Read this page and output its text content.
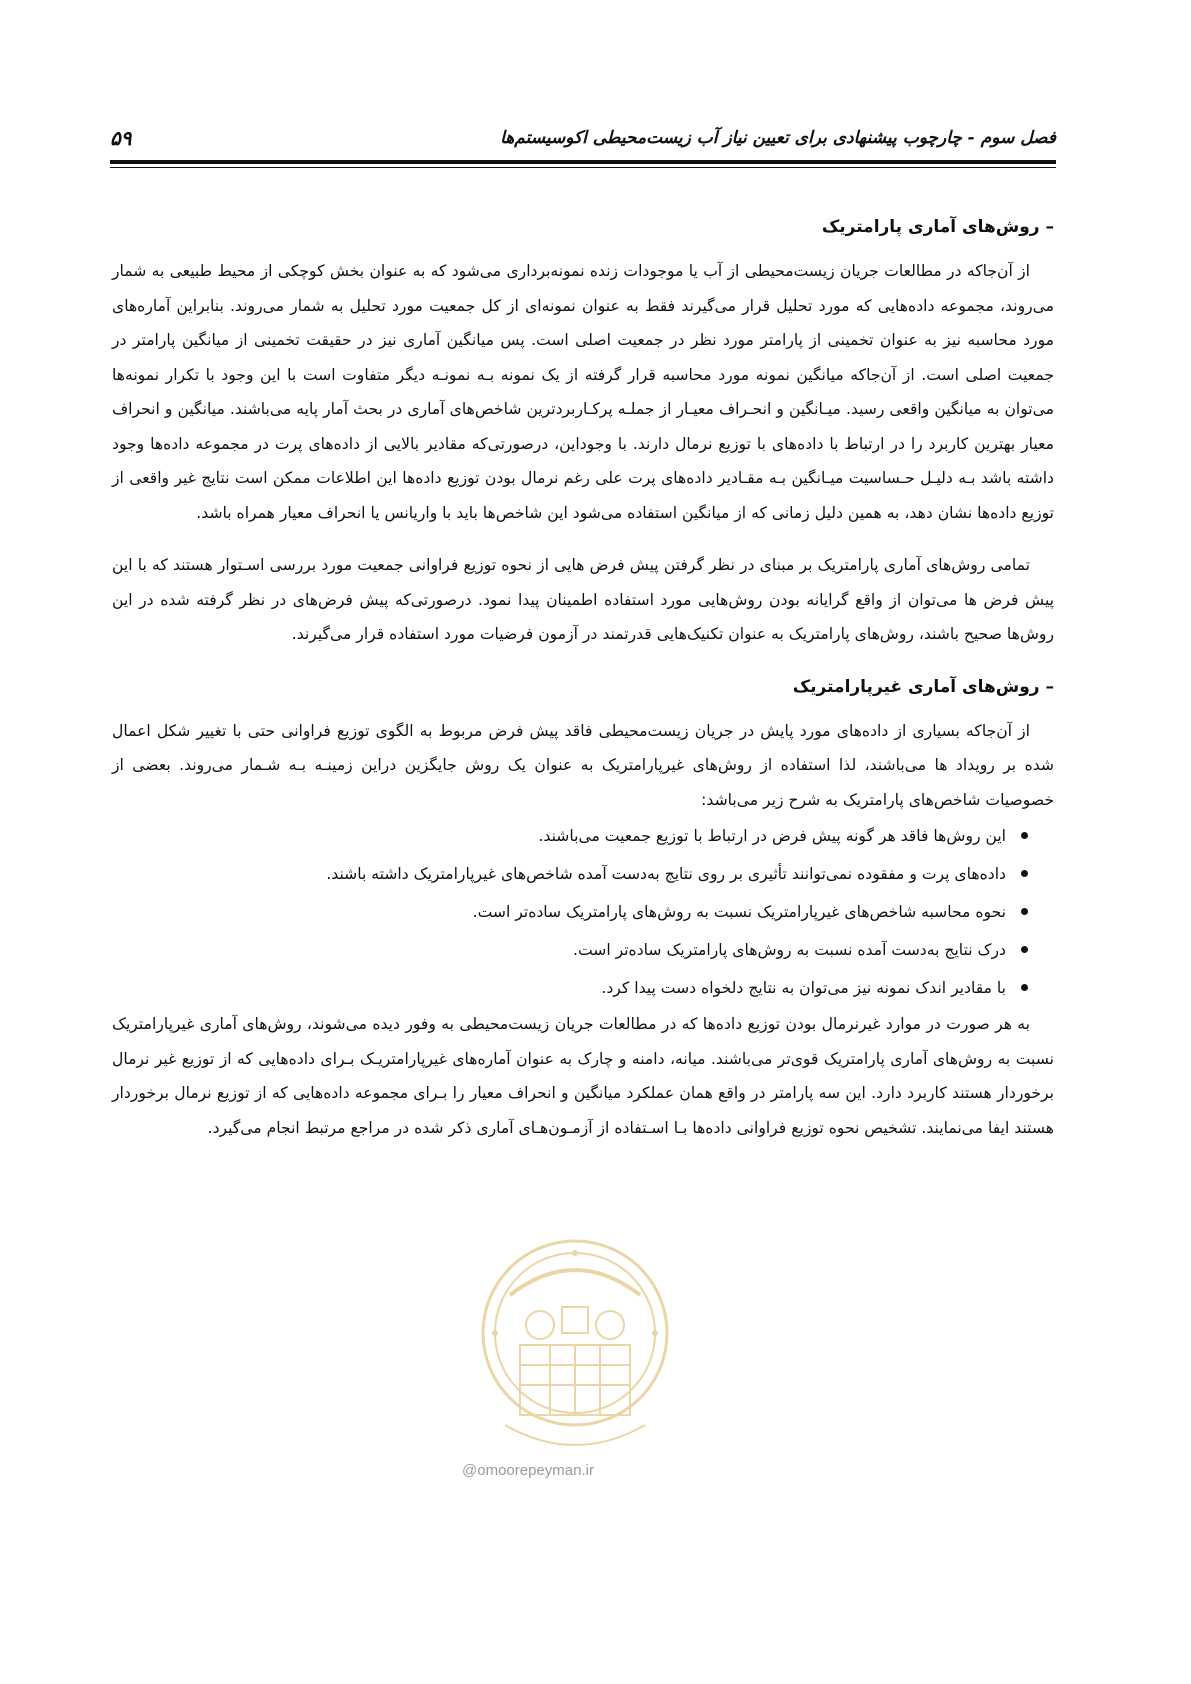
فصل سوم - چارچوب پیشنهادی برای تعیین نیاز آب زیست‌محیطی اکوسیستم‌ها
۵۹
– روش‌های آماری پارامتریک

از آن‌جاکه در مطالعات جریان زیست‌محیطی از آب یا موجودات زنده نمونه‌برداری می‌شود که به عنوان بخش کوچکی از محیط طبیعی به شمار می‌روند، مجموعه داده‌هایی که مورد تحلیل قرار می‌گیرند فقط به عنوان نمونه‌ای از کل جمعیت مورد تحلیل به شمار می‌روند. بنابراین آماره‌های مورد محاسبه نیز به عنوان تخمینی از پارامتر مورد نظر در جمعیت اصلی است. پس میانگین آماری نیز در حقیقت تخمینی از میانگین پارامتر در جمعیت اصلی است. از آن‌جاکه میانگین نمونه مورد محاسبه قرار گرفته از یک نمونه بـه نمونـه دیگر متفاوت است با این وجود با تکرار نمونه‌ها می‌توان به میانگین واقعی رسید. میـانگین و انحـراف معیـار از جملـه پرکـاربردترین شاخص‌های آماری در بحث آمار پایه می‌باشند. میانگین و انحراف معیار بهترین کاربرد را در ارتباط با داده‌های با توزیع نرمال دارند. با وجوداین، درصورتی‌که مقادیر بالایی از داده‌های پرت در مجموعه داده‌ها وجود داشته باشد بـه دلیـل حـساسیت میـانگین بـه مقـادیر داده‌های پرت علی رغم نرمال بودن توزیع داده‌ها این اطلاعات ممکن است نتایج غیر واقعی از توزیع داده‌ها نشان دهد، به همین دلیل زمانی که از میانگین استفاده می‌شود این شاخص‌ها باید با واریانس یا انحراف معیار همراه باشد.

تمامی روش‌های آماری پارامتریک بر مبنای در نظر گرفتن پیش فرض هایی از نحوه توزیع فراوانی جمعیت مورد بررسی اسـتوار هستند که با این پیش فرض ها می‌توان از واقع گرایانه بودن روش‌هایی مورد استفاده اطمینان پیدا نمود. درصورتی‌که پیش فرض‌های در نظر گرفته شده در این روش‌ها صحیح باشند، روش‌های پارامتریک به عنوان تکنیک‌هایی قدرتمند در آزمون فرضیات مورد استفاده قرار می‌گیرند.

– روش‌های آماری غیرپارامتریک

از آن‌جاکه بسیاری از داده‌های مورد پایش در جریان زیست‌محیطی فاقد پیش فرض مربوط به الگوی توزیع فراوانی حتی با تغییر شکل اعمال شده بر رویداد ها می‌باشند، لذا استفاده از روش‌های غیرپارامتریک به عنوان یک روش جایگزین دراین زمینـه بـه شـمار می‌روند. بعضی از خصوصیات شاخص‌های پارامتریک به شرح زیر می‌باشد:

این روش‌ها فاقد هر گونه پیش فرض در ارتباط با توزیع جمعیت می‌باشند.
داده‌های پرت و مفقوده نمی‌توانند تأثیری بر روی نتایج به‌دست آمده شاخص‌های غیرپارامتریک داشته باشند.
نحوه محاسبه شاخص‌های غیرپارامتریک نسبت به روش‌های پارامتریک ساده‌تر است.
درک نتایج به‌دست آمده نسبت به روش‌های پارامتریک ساده‌تر است.
با مقادیر اندک نمونه نیز می‌توان به نتایج دلخواه دست پیدا کرد.

به هر صورت در موارد غیرنرمال بودن توزیع داده‌ها که در مطالعات جریان زیست‌محیطی به وفور دیده می‌شوند، روش‌های آماری غیرپارامتریک نسبت به روش‌های آماری پارامتریک قوی‌تر می‌باشند. میانه، دامنه و چارک به عنوان آماره‌های غیرپارامتریـک بـرای داده‌هایی که از توزیع غیر نرمال برخوردار هستند کاربرد دارد. این سه پارامتر در واقع همان عملکرد میانگین و انحراف معیار را بـرای مجموعه داده‌هایی که از توزیع نرمال برخوردار هستند ایفا می‌نمایند. تشخیص نحوه توزیع فراوانی داده‌ها بـا اسـتفاده از آزمـون‌هـای آماری ذکر شده در مراجع مرتبط انجام می‌گیرد.

@omoorepeyman.ir
